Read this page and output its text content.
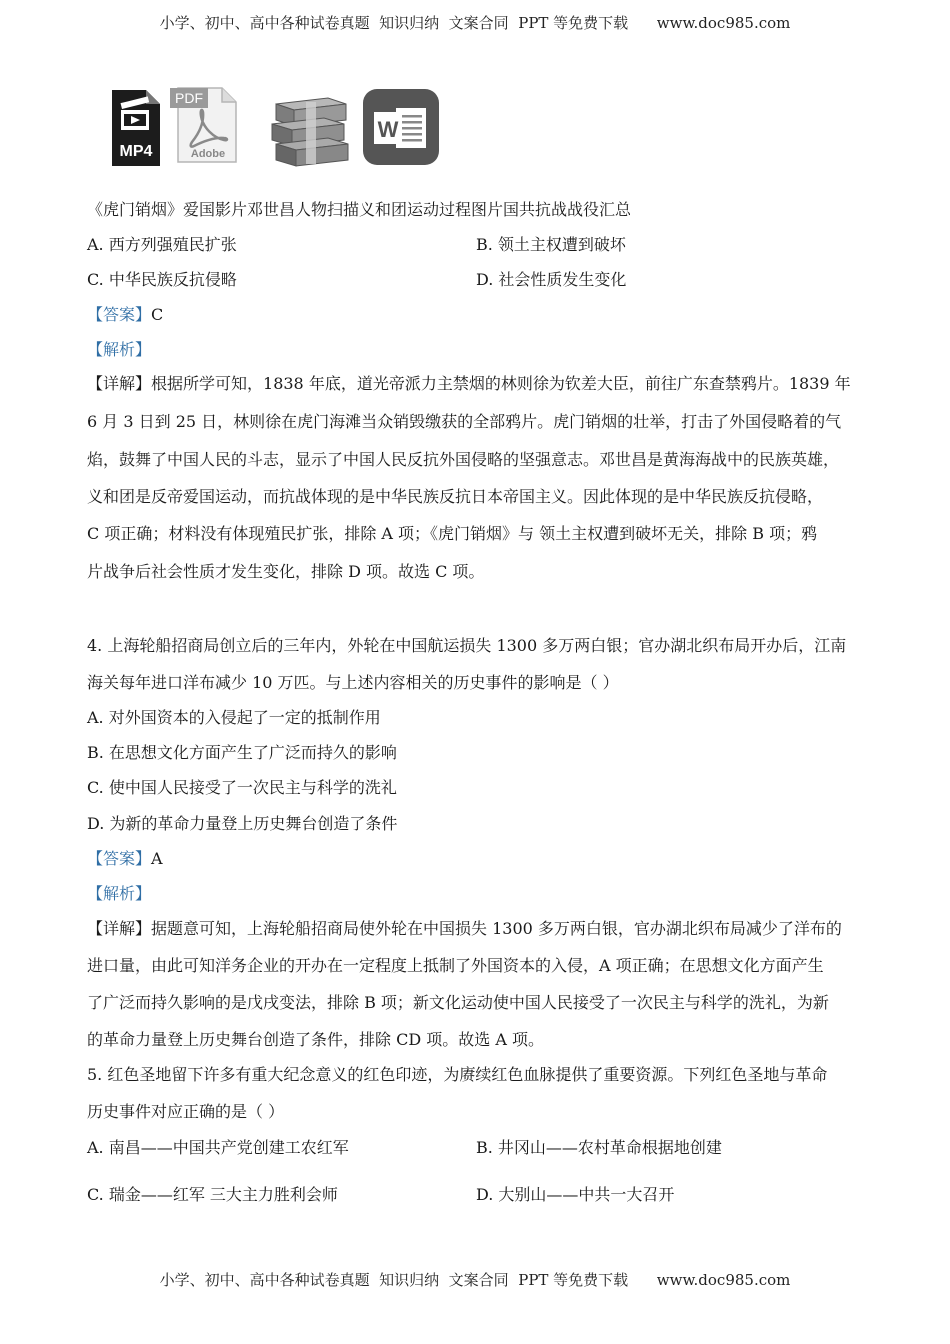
小学、初中、高中各种试卷真题  知识归纳  文案合同  PPT 等免费下载      www.doc985.com
MP4
PDF
Adobe
W
《虎门销烟》爱国影片邓世昌人物扫描义和团运动过程图片国共抗战战役汇总
A. 西方列强殖民扩张	B. 领土主权遭到破坏
C. 中华民族反抗侵略	D. 社会性质发生变化
【答案】C
【解析】
【详解】根据所学可知，1838 年底，道光帝派力主禁烟的林则徐为钦差大臣，前往广东查禁鸦片。1839 年
6 月 3 日到 25 日，林则徐在虎门海滩当众销毁缴获的全部鸦片。虎门销烟的壮举，打击了外国侵略着的气
焰，鼓舞了中国人民的斗志，显示了中国人民反抗外国侵略的坚强意志。邓世昌是黄海海战中的民族英雄，
义和团是反帝爱国运动，而抗战体现的是中华民族反抗日本帝国主义。因此体现的是中华民族反抗侵略，
C 项正确；材料没有体现殖民扩张，排除 A 项；《虎门销烟》与 领土主权遭到破坏无关，排除 B 项；鸦
片战争后社会性质才发生变化，排除 D 项。故选 C 项。
4. 上海轮船招商局创立后的三年内，外轮在中国航运损失 1300 多万两白银；官办湖北织布局开办后，江南
海关每年进口洋布减少 10 万匹。与上述内容相关的历史事件的影响是（ ）
A. 对外国资本的入侵起了一定的抵制作用
B. 在思想文化方面产生了广泛而持久的影响
C. 使中国人民接受了一次民主与科学的洗礼
D. 为新的革命力量登上历史舞台创造了条件
【答案】A
【解析】
【详解】据题意可知，上海轮船招商局使外轮在中国损失 1300 多万两白银，官办湖北织布局减少了洋布的
进口量，由此可知洋务企业的开办在一定程度上抵制了外国资本的入侵，A 项正确；在思想文化方面产生
了广泛而持久影响的是戊戌变法，排除 B 项；新文化运动使中国人民接受了一次民主与科学的洗礼，为新
的革命力量登上历史舞台创造了条件，排除 CD 项。故选 A 项。
5. 红色圣地留下许多有重大纪念意义的红色印迹，为赓续红色血脉提供了重要资源。下列红色圣地与革命
历史事件对应正确的是（ ）
A. 南昌——中国共产党创建工农红军	B. 井冈山——农村革命根据地创建
C. 瑞金——红军 三大主力胜利会师	D. 大别山——中共一大召开
小学、初中、高中各种试卷真题  知识归纳  文案合同  PPT 等免费下载      www.doc985.com
